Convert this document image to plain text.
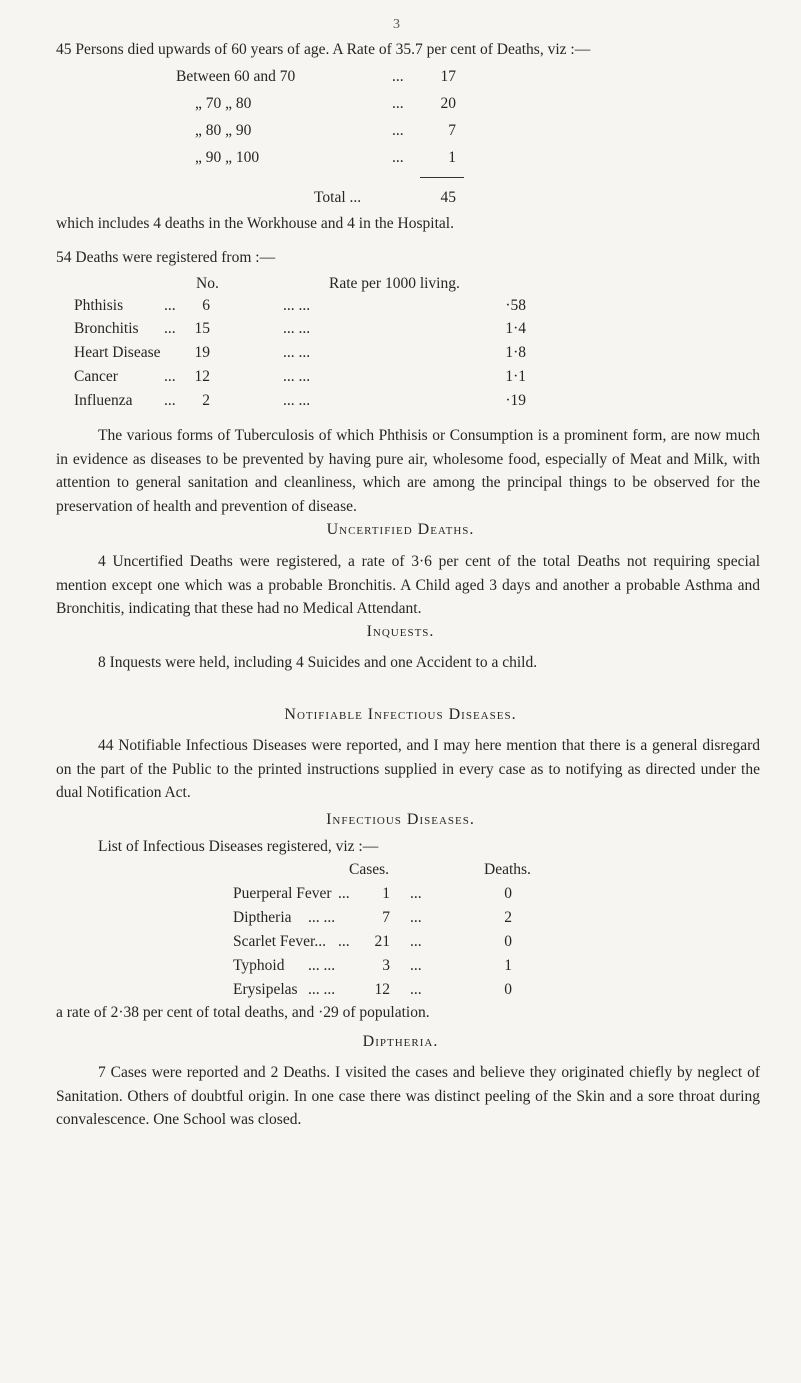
3
45 Persons died upwards of 60 years of age. A Rate of 35.7 per cent of Deaths, viz :—
Between 60 and 70	...	17
„ 70 „ 80	...	20
„ 80 „ 90	...	7
„ 90 „ 100	...	1
Total ...	45
which includes 4 deaths in the Workhouse and 4 in the Hospital.
54 Deaths were registered from :—
No.	Rate per 1000 living.
Phthisis	...	6	... ...	·58
Bronchitis ...	15	... ...	1·4
Heart Disease	19	... ...	1·8
Cancer	...	12	... ...	1·1
Influenza ...	2	... ...	·19
The various forms of Tuberculosis of which Phthisis or Consumption is a prominent form, are now much in evidence as diseases to be prevented by having pure air, wholesome food, especially of Meat and Milk, with attention to general sanitation and cleanliness, which are among the principal things to be observed for the preservation of health and prevention of disease.
Uncertified Deaths.
4 Uncertified Deaths were registered, a rate of 3·6 per cent of the total Deaths not requiring special mention except one which was a probable Bronchitis. A Child aged 3 days and another a probable Asthma and Bronchitis, indicating that these had no Medical Attendant.
Inquests.
8 Inquests were held, including 4 Suicides and one Accident to a child.
Notifiable Infectious Diseases.
44 Notifiable Infectious Diseases were reported, and I may here mention that there is a general disregard on the part of the Public to the printed instructions supplied in every case as to notifying as directed under the dual Notification Act.
Infectious Diseases.
List of Infectious Diseases registered, viz :—
Cases.	Deaths.
Puerperal Fever ...	1 ...	0
Diptheria ... ...	7 ...	2
Scarlet Fever... ...	21 ...	0
Typhoid ... ...	3 ...	1
Erysipelas ... ...	12 ...	0
a rate of 2·38 per cent of total deaths, and ·29 of population.
Diptheria.
7 Cases were reported and 2 Deaths. I visited the cases and believe they originated chiefly by neglect of Sanitation. Others of doubtful origin. In one case there was distinct peeling of the Skin and a sore throat during convalescence. One School was closed.
